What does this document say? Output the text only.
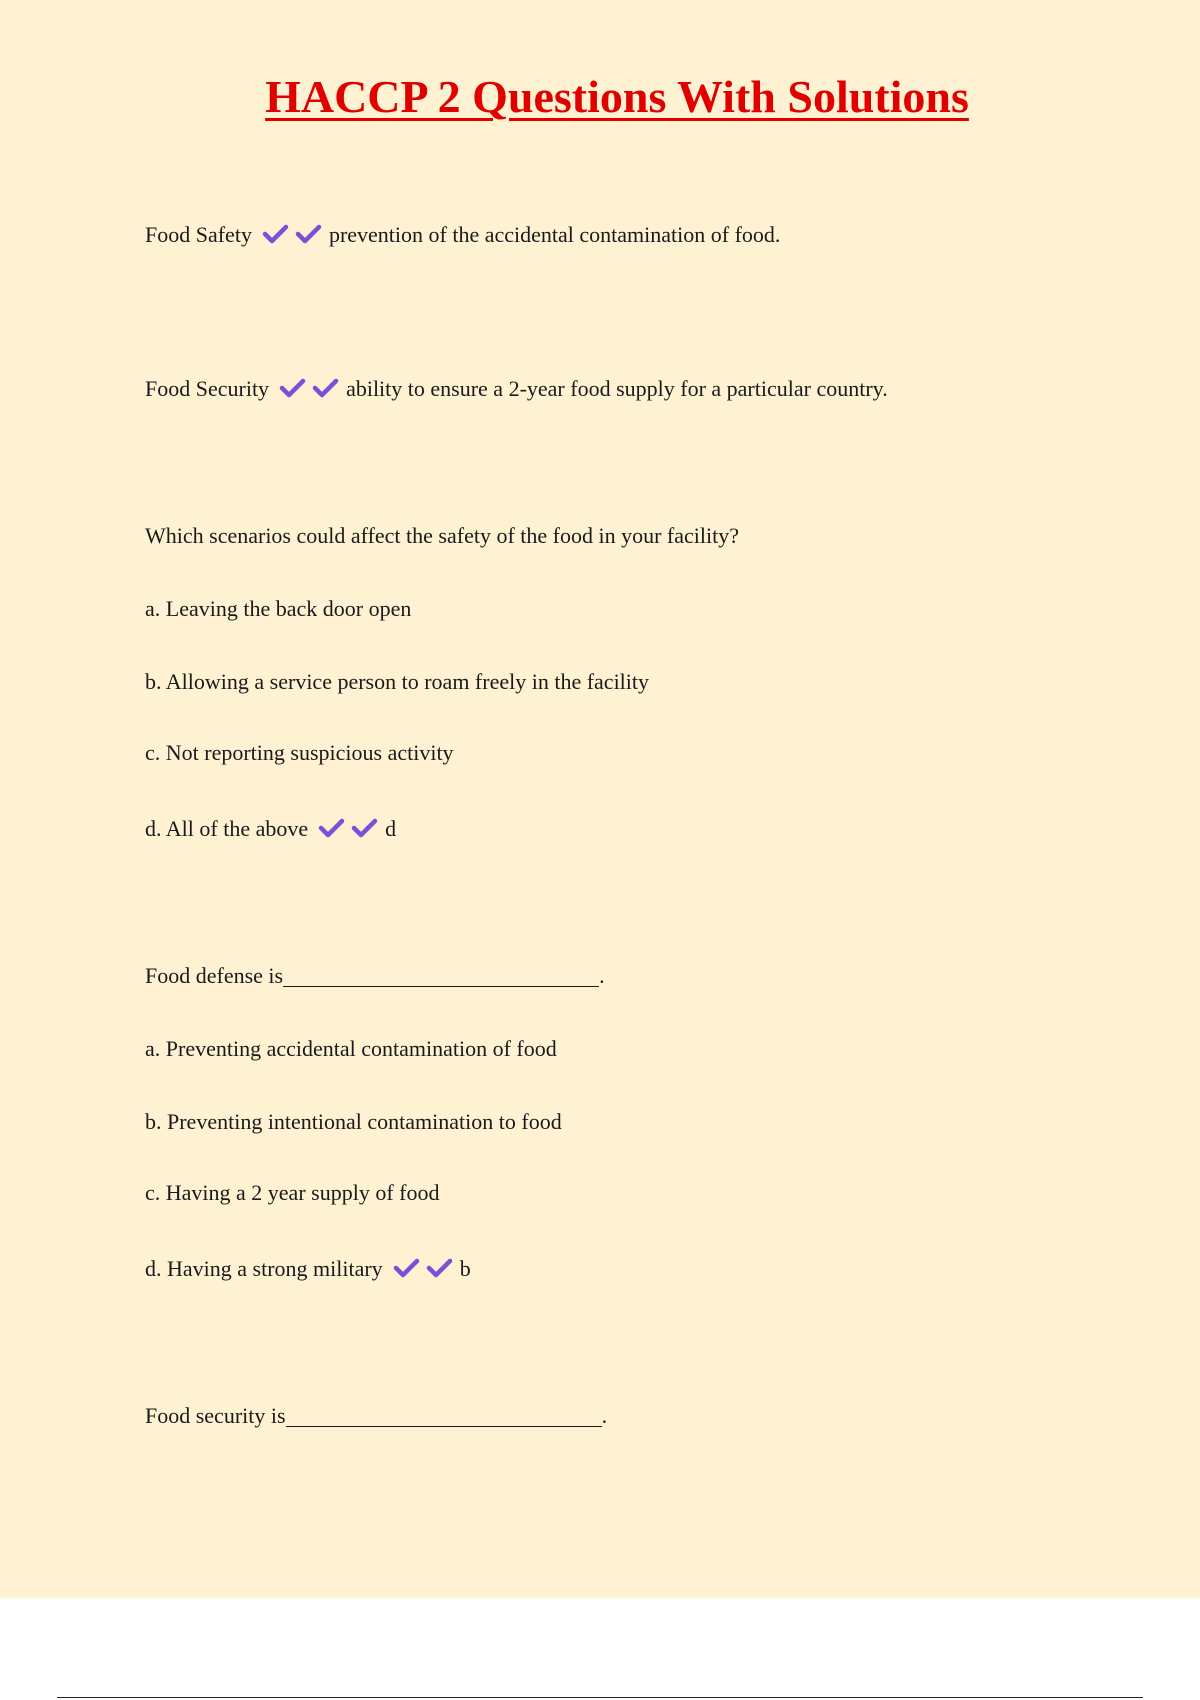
HACCP 2 Questions With Solutions
Food Safety	prevention of the accidental contamination of food.
Food Security	ability to ensure a 2-year food supply for a particular country.
Which scenarios could affect the safety of the food in your facility?
a. Leaving the back door open
b. Allowing a service person to roam freely in the facility
c. Not reporting suspicious activity
d. All of the above	d
Food defense is	.
a. Preventing accidental contamination of food
b. Preventing intentional contamination to food
c. Having a 2 year supply of food
d. Having a strong military	b
Food security is	.
